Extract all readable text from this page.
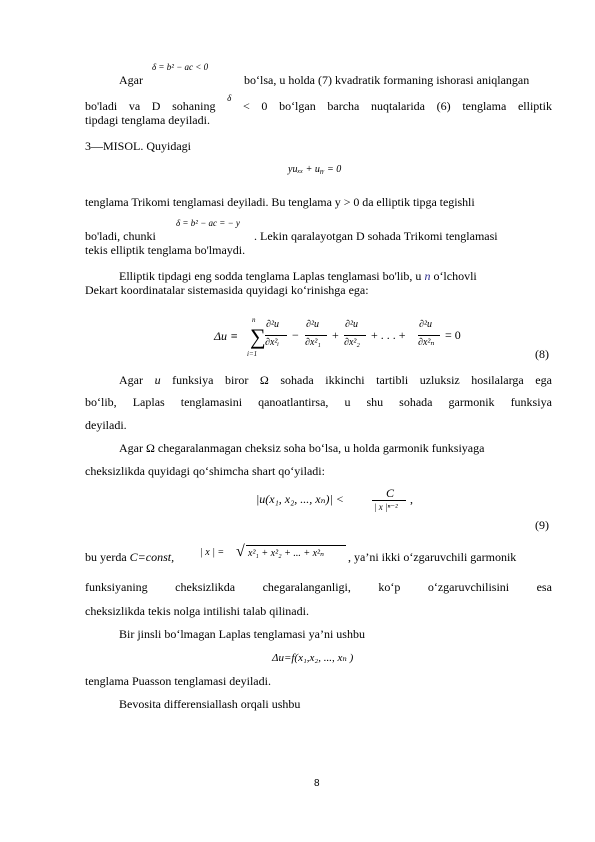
Agar
δ = b² − ac < 0
bo‘lsa, u holda (7) kvadratik formaning ishorasi aniqlangan
bo'ladi va D sohaning
δ
< 0 bo‘lgan barcha nuqtalarida (6) tenglama elliptik
tipdagi tenglama deyiladi.
3—MISOL. Quyidagi
yuₓₓ + uᵧᵧ = 0
tenglama Trikomi tenglamasi deyiladi. Bu tenglama y > 0 da elliptik tipga tegishli
bo'ladi, chunki
δ = b² − ac = − y
. Lekin qaralayotgan D sohada Trikomi tenglamasi
tekis elliptik tenglama bo'lmaydi.
Elliptik tipdagi eng sodda tenglama Laplas tenglamasi bo'lib, u n o‘lchovli
Dekart koordinatalar sistemasida quyidagi ko‘rinishga ega:
Δu ≡ ∑
n
i=1
∂²u
∂x²ᵢ
−
∂²u
∂x²₁
+
∂²u
∂x²₂
+ . . . +
∂²u
∂x²ₙ
= 0
(8)
Agar u funksiya biror Ω sohada ikkinchi tartibli uzluksiz hosilalarga ega
bo‘lib, Laplas tenglamasini qanoatlantirsa, u shu sohada garmonik funksiya
deyiladi.
Agar Ω chegaralanmagan cheksiz soha bo‘lsa, u holda garmonik funksiyaga
cheksizlikda quyidagi qo‘shimcha shart qo‘yiladi:
|u(x₁, x₂, ..., xₙ)| <	C
| x |ⁿ⁻²
,
(9)
bu yerda C=const,	| x | = √ x²₁ + x²₂ + ... + x²ₙ , ya’ni ikki o‘zgaruvchili garmonik
funksiyaning cheksizlikda chegaralanganligi, ko‘p o‘zgaruvchilisini esa
cheksizlikda tekis nolga intilishi talab qilinadi.
Bir jinsli bo‘lmagan Laplas tenglamasi ya’ni ushbu
Δu=f(x₁,x₂, ..., xₙ )
tenglama Puasson tenglamasi deyiladi.
Bevosita differensiallash orqali ushbu
8
